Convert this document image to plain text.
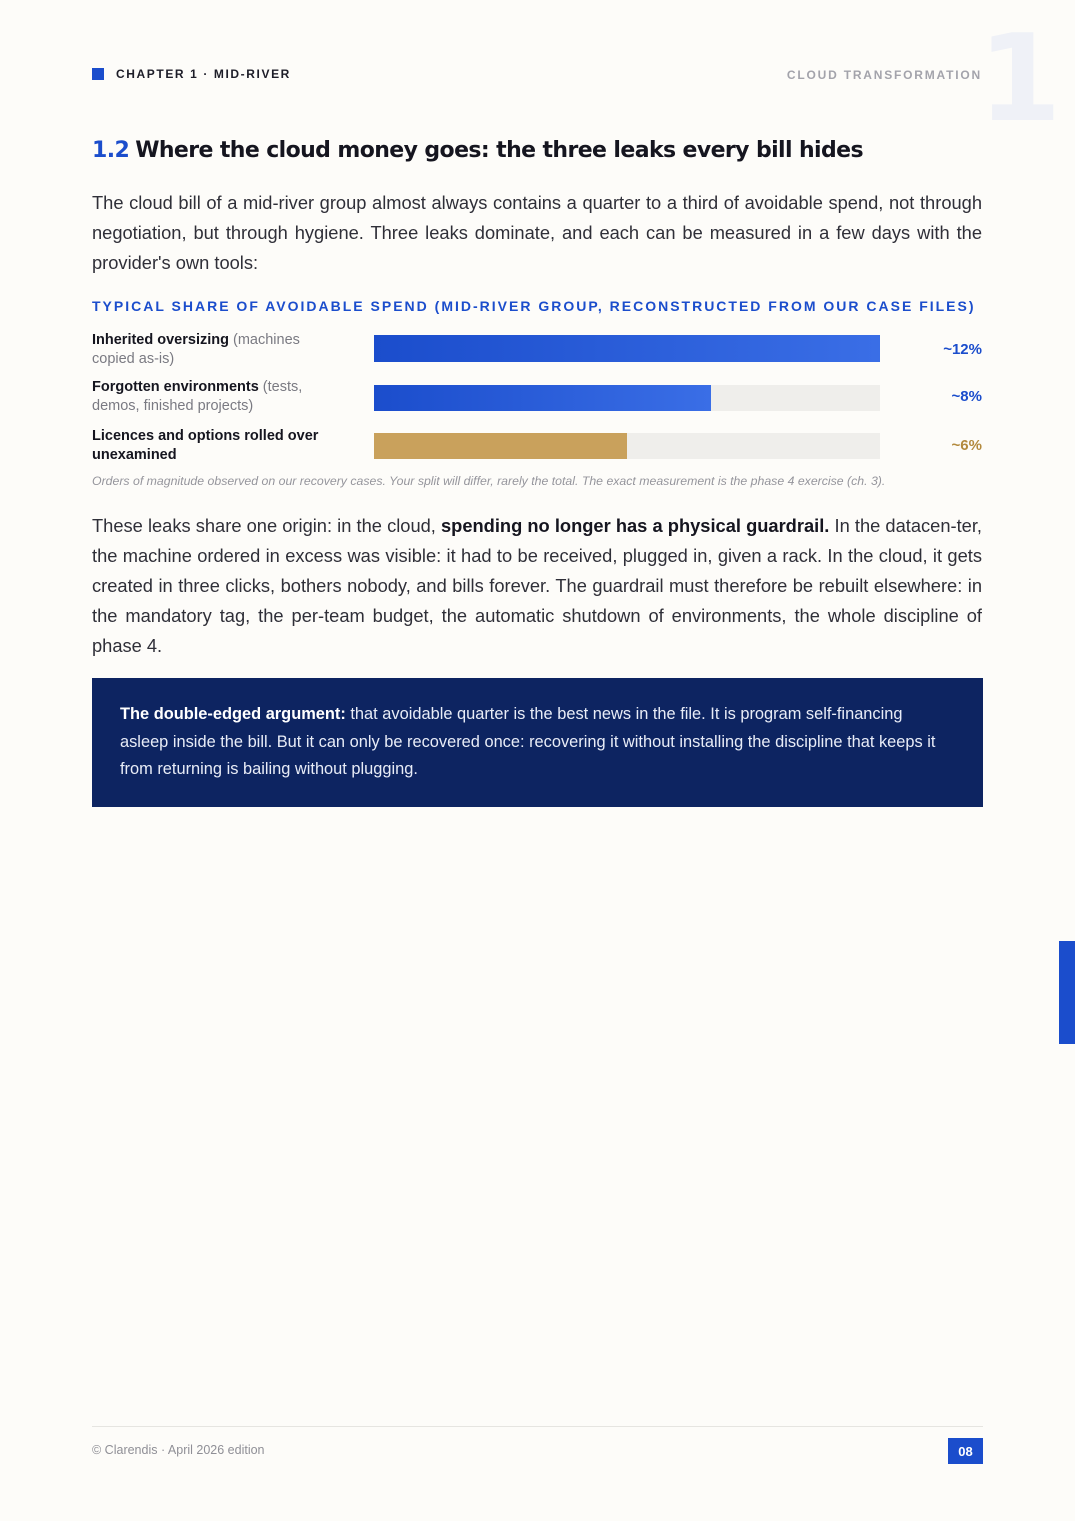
1
CHAPTER 1 · MID-RIVER	CLOUD TRANSFORMATION
1.2 Where the cloud money goes: the three leaks every bill hides

The cloud bill of a mid-river group almost always contains a quarter to a third of avoidable spend, not through negotiation, but through hygiene. Three leaks dominate, and each can be measured in a few days with the provider's own tools:

TYPICAL SHARE OF AVOIDABLE SPEND (MID-RIVER GROUP, RECONSTRUCTED FROM OUR CASE FILES)
Inherited oversizing (machines copied as-is)
~12%
Forgotten environments (tests, demos, finished projects)
~8%
Licences and options rolled over unexamined
~6%
Orders of magnitude observed on our recovery cases. Your split will differ, rarely the total. The exact measurement is the phase 4 exercise (ch. 3).

These leaks share one origin: in the cloud, spending no longer has a physical guardrail. In the datacen-ter, the machine ordered in excess was visible: it had to be received, plugged in, given a rack. In the cloud, it gets created in three clicks, bothers nobody, and bills forever. The guardrail must therefore be rebuilt elsewhere: in the mandatory tag, the per-team budget, the automatic shutdown of environments, the whole discipline of phase 4.

The double-edged argument: that avoidable quarter is the best news in the file. It is program self-financing asleep inside the bill. But it can only be recovered once: recovering it without installing the discipline that keeps it from returning is bailing without plugging.
© Clarendis · April 2026 edition	08
